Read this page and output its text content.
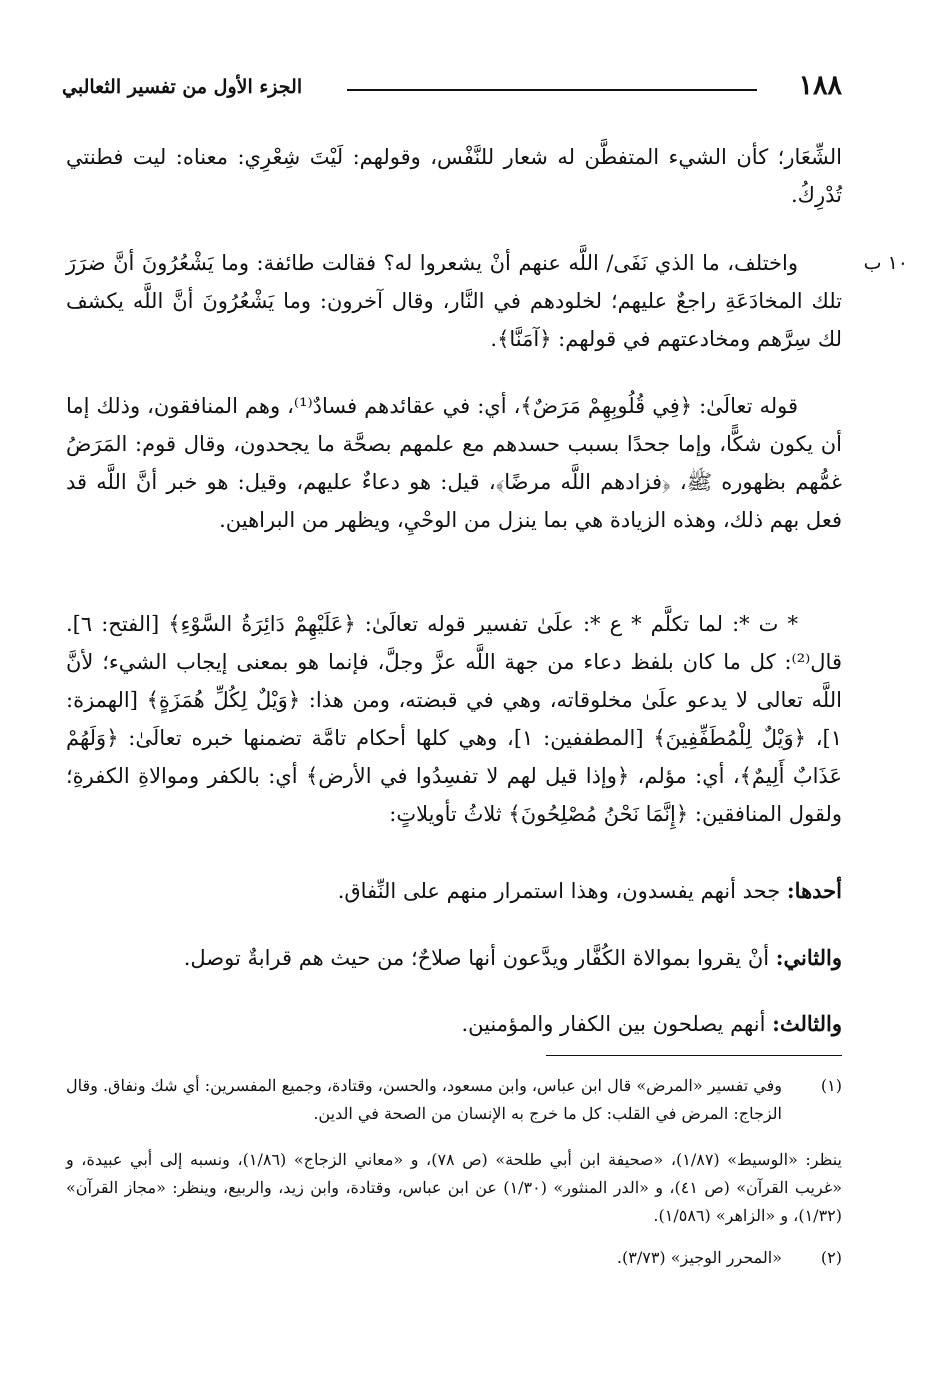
١٨٨
الجزء الأول من تفسير الثعالبي
١٠ ب

الشِّعَار؛ كأن الشيء المتفطَّن له شعار للنَّفْس، وقولهم: لَيْتَ شِعْرِي: معناه: ليت فطنتي تُدْرِكُ.

واختلف، ما الذي نَفَى/ اللَّه عنهم أنْ يشعروا له؟ فقالت طائفة: وما يَشْعُرُونَ أنَّ ضرَرَ تلك المخادَعَةِ راجعٌ عليهم؛ لخلودهم في النَّار، وقال آخرون: وما يَشْعُرُونَ أنَّ اللَّه يكشف لك سِرَّهم ومخادعتهم في قولهم: ﴿آمَنَّا﴾.

قوله تعالَىٰ: ﴿فِي قُلُوبِهِمْ مَرَضٌ﴾، أي: في عقائدهم فسادٌ⁽¹⁾، وهم المنافقون، وذلك إما أن يكون شكًّا، وإما جحدًا بسبب حسدهم مع علمهم بصحَّة ما يجحدون، وقال قوم: المَرَضُ غمُّهم بظهوره ﷺ، ﴿فزادهم اللَّه مرضًا﴾، قيل: هو دعاءٌ عليهم، وقيل: هو خبر أنَّ اللَّه قد فعل بهم ذلك، وهذه الزيادة هي بما ينزل من الوحْيِ، ويظهر من البراهين.

* ت *: لما تكلَّم * ع *: علَىٰ تفسير قوله تعالَىٰ: ﴿عَلَيْهِمْ دَائِرَةُ السَّوْءِ﴾ [الفتح: ٦]. قال⁽²⁾: كل ما كان بلفظ دعاء من جهة اللَّه عزَّ وجلَّ، فإنما هو بمعنى إيجاب الشيء؛ لأنَّ اللَّه تعالى لا يدعو علَىٰ مخلوقاته، وهي في قبضته، ومن هذا: ﴿وَيْلٌ لِكُلِّ هُمَزَةٍ﴾ [الهمزة: ١]، ﴿وَيْلٌ لِلْمُطَفِّفِينَ﴾ [المطففين: ١]، وهي كلها أحكام تامَّة تضمنها خبره تعالَىٰ: ﴿وَلَهُمْ عَذَابٌ أَلِيمٌ﴾، أي: مؤلم، ﴿وإذا قيل لهم لا تفسِدُوا في الأرض﴾ أي: بالكفر وموالاةِ الكفرةِ؛ ولقول المنافقين: ﴿إِنَّمَا نَحْنُ مُصْلِحُونَ﴾ ثلاثُ تأويلاتٍ:

أحدها: جحد أنهم يفسدون، وهذا استمرار منهم على النِّفاق.

والثاني: أنْ يقروا بموالاة الكُفَّار ويدَّعون أنها صلاحٌ؛ من حيث هم قرابةٌ توصل.

والثالث: أنهم يصلحون بين الكفار والمؤمنين.

(١)
وفي تفسير «المرض» قال ابن عباس، وابن مسعود، والحسن، وقتادة، وجميع المفسرين: أي شك ونفاق. وقال الزجاج: المرض في القلب: كل ما خرج به الإنسان من الصحة في الدين.

ينظر: «الوسيط» (١/٨٧)، «صحيفة ابن أبي طلحة» (ص ٧٨)، و «معاني الزجاج» (١/٨٦)، ونسبه إلى أبي عبيدة، و «غريب القرآن» (ص ٤١)، و «الدر المنثور» (١/٣٠) عن ابن عباس، وقتادة، وابن زيد، والربيع، وينظر: «مجاز القرآن» (١/٣٢)، و «الزاهر» (١/٥٨٦).

(٢)
«المحرر الوجيز» (٣/٧٣).
